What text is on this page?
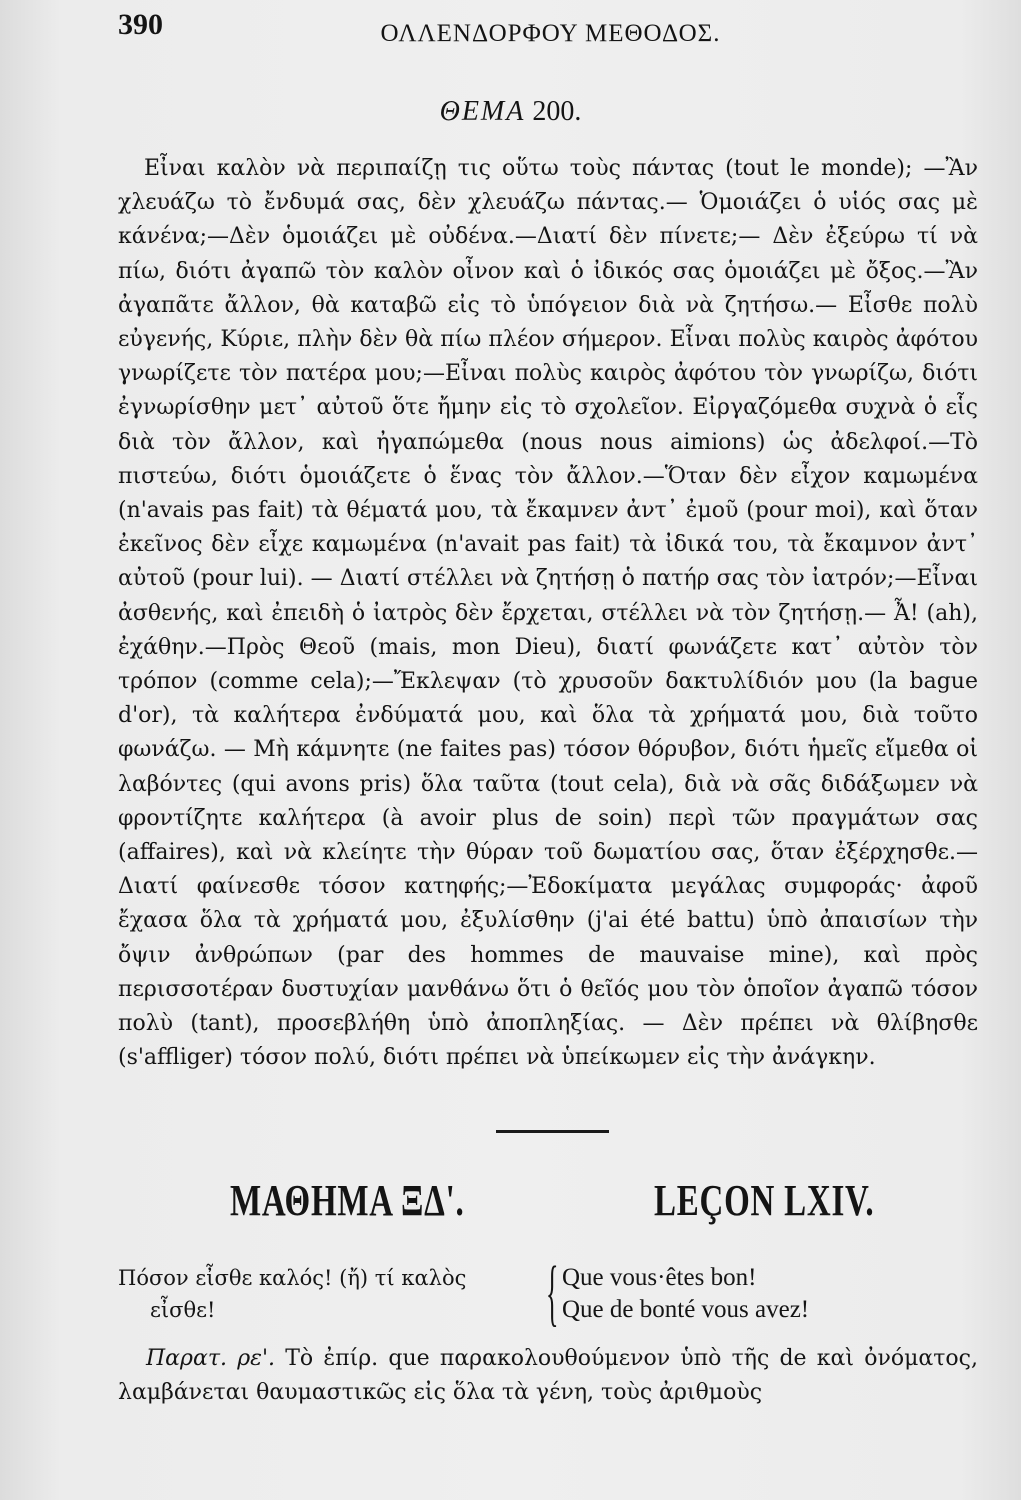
390	ΟΛΛΕΝΔΟΡΦΟΥ ΜΕΘΟΔΟΣ.
ΘΕΜΑ 200.

Εἶναι καλὸν νὰ περιπαίζῃ τις οὕτω τοὺς πάντας (tout le monde); —Ἂν χλευάζω τὸ ἔνδυμά σας, δὲν χλευάζω πάντας.— Ὁμοιάζει ὁ υἱός σας μὲ κάνένα;—Δὲν ὁμοιάζει μὲ οὐδένα.—Διατί δὲν πίνετε;— Δὲν ἐξεύρω τί νὰ πίω, διότι ἀγαπῶ τὸν καλὸν οἶνον καὶ ὁ ἰδικός σας ὁμοιάζει μὲ ὄξος.—Ἂν ἀγαπᾶτε ἄλλον, θὰ καταβῶ εἰς τὸ ὑπόγειον διὰ νὰ ζητήσω.— Εἶσθε πολὺ εὐγενής, Κύριε, πλὴν δὲν θὰ πίω πλέον σήμερον. Εἶναι πολὺς καιρὸς ἀφότου γνωρίζετε τὸν πατέρα μου;—Εἶναι πολὺς καιρὸς ἀφότου τὸν γνωρίζω, διότι ἐγνωρίσθην μετ᾽ αὐτοῦ ὅτε ἤμην εἰς τὸ σχολεῖον. Εἰργαζόμεθα συχνὰ ὁ εἷς διὰ τὸν ἄλλον, καὶ ἠγαπώμεθα (nous nous aimions) ὡς ἀδελφοί.—Τὸ πιστεύω, διότι ὁμοιάζετε ὁ ἕνας τὸν ἄλλον.—Ὅταν δὲν εἶχον καμωμένα (n'avais pas fait) τὰ θέματά μου, τὰ ἔκαμνεν ἀντ᾽ ἐμοῦ (pour moi), καὶ ὅταν ἐκεῖνος δὲν εἶχε καμωμένα (n'avait pas fait) τὰ ἰδικά του, τὰ ἔκαμνον ἀντ᾽ αὐτοῦ (pour lui). — Διατί στέλλει νὰ ζητήσῃ ὁ πατήρ σας τὸν ἰατρόν;—Εἶναι ἀσθενής, καὶ ἐπειδὴ ὁ ἰατρὸς δὲν ἔρχεται, στέλλει νὰ τὸν ζητήσῃ.— Ἆ! (ah), ἐχάθην.—Πρὸς Θεοῦ (mais, mon Dieu), διατί φωνάζετε κατ᾽ αὐτὸν τὸν τρόπον (comme cela);—Ἔκλεψαν (τὸ χρυσοῦν δακτυλίδιόν μου (la bague d'or), τὰ καλήτερα ἐνδύματά μου, καὶ ὅλα τὰ χρήματά μου, διὰ τοῦτο φωνάζω. — Μὴ κάμνητε (ne faites pas) τόσον θόρυβον, διότι ἡμεῖς εἴμεθα οἱ λαβόντες (qui avons pris) ὅλα ταῦτα (tout cela), διὰ νὰ σᾶς διδάξωμεν νὰ φροντίζητε καλήτερα (à avoir plus de soin) περὶ τῶν πραγμάτων σας (affaires), καὶ νὰ κλείητε τὴν θύραν τοῦ δωματίου σας, ὅταν ἐξέρχησθε.— Διατί φαίνεσθε τόσον κατηφής;—Ἐδοκίματα μεγάλας συμφοράς· ἀφοῦ ἔχασα ὅλα τὰ χρήματά μου, ἐξυλίσθην (j'ai été battu) ὑπὸ ἀπαισίων τὴν ὄψιν ἀνθρώπων (par des hommes de mauvaise mine), καὶ πρὸς περισσοτέραν δυστυχίαν μανθάνω ὅτι ὁ θεῖός μου τὸν ὁποῖον ἀγαπῶ τόσον πολὺ (tant), προσεβλήθη ὑπὸ ἀποπληξίας. — Δὲν πρέπει νὰ θλίβησθε (s'affliger) τόσον πολύ, διότι πρέπει νὰ ὑπείκωμεν εἰς τὴν ἀνάγκην.

ΜΑΘΗΜΑ ΞΔ'.	LEÇON LXIV.
Πόσον εἶσθε καλός! (ἤ) τί καλὸς
εἶσθε!	{ Que vous·êtes bon!
Que de bonté vous avez!

Παρατ. ρε'. Τὸ ἐπίρ. que παρακολουθούμενον ὑπὸ τῆς de καὶ ὀνόματος, λαμβάνεται θαυμαστικῶς εἰς ὅλα τὰ γένη, τοὺς ἀριθμοὺς
